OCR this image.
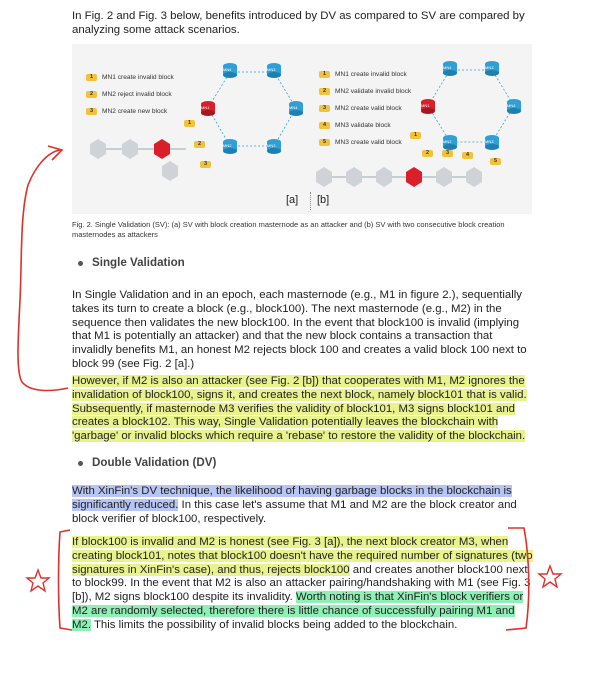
In Fig. 2 and Fig. 3 below, benefits introduced by DV as compared to SV are compared by analyzing some attack scenarios.
1	MN1 create invalid block
2	MN2 reject invalid block
3	MN2 create new block
1	MN1 create invalid block
2	MN2 validate invalid block
3	MN2 create valid block
4	MN3 validate block
5	MN3 create valid block
MN4	MN3
MN1	MN4
MN2	MN3
1
2
3
MN4	MN3
MN1	MN4
MN2	MN3
1
2	3	4
5
[a] [b]
Fig. 2. Single Validation (SV): (a) SV with block creation masternode as an attacker and (b) SV with two consecutive block creation masternodes as attackers
Single Validation
In Single Validation and in an epoch, each masternode (e.g., M1 in figure 2.), sequentially takes its turn to create a block (e.g., block100). The next masternode (e.g., M2) in the sequence then validates the new block100. In the event that block100 is invalid (implying that M1 is potentially an attacker) and that the new block contains a transaction that invalidly benefits M1, an honest M2 rejects block 100 and creates a valid block 100 next to block 99 (see Fig. 2 [a].)
However, if M2 is also an attacker (see Fig. 2 [b]) that cooperates with M1, M2 ignores the invalidation of block100, signs it, and creates the next block, namely block101 that is valid. Subsequently, if masternode M3 verifies the validity of block101, M3 signs block101 and creates a block102. This way, Single Validation potentially leaves the blockchain with 'garbage' or invalid blocks which require a 'rebase' to restore the validity of the blockchain.
Double Validation (DV)
With XinFin's DV technique, the likelihood of having garbage blocks in the blockchain is significantly reduced. In this case let's assume that M1 and M2 are the block creator and block verifier of block100, respectively.
If block100 is invalid and M2 is honest (see Fig. 3 [a]), the next block creator M3, when creating block101, notes that block100 doesn't have the required number of signatures (two signatures in XinFin's case), and thus, rejects block100 and creates another block100 next to block99. In the event that M2 is also an attacker pairing/handshaking with M1 (see Fig. 3 [b]), M2 signs block100 despite its invalidity. Worth noting is that XinFin's block verifiers or M2 are randomly selected, therefore there is little chance of successfully pairing M1 and M2. This limits the possibility of invalid blocks being added to the blockchain.
